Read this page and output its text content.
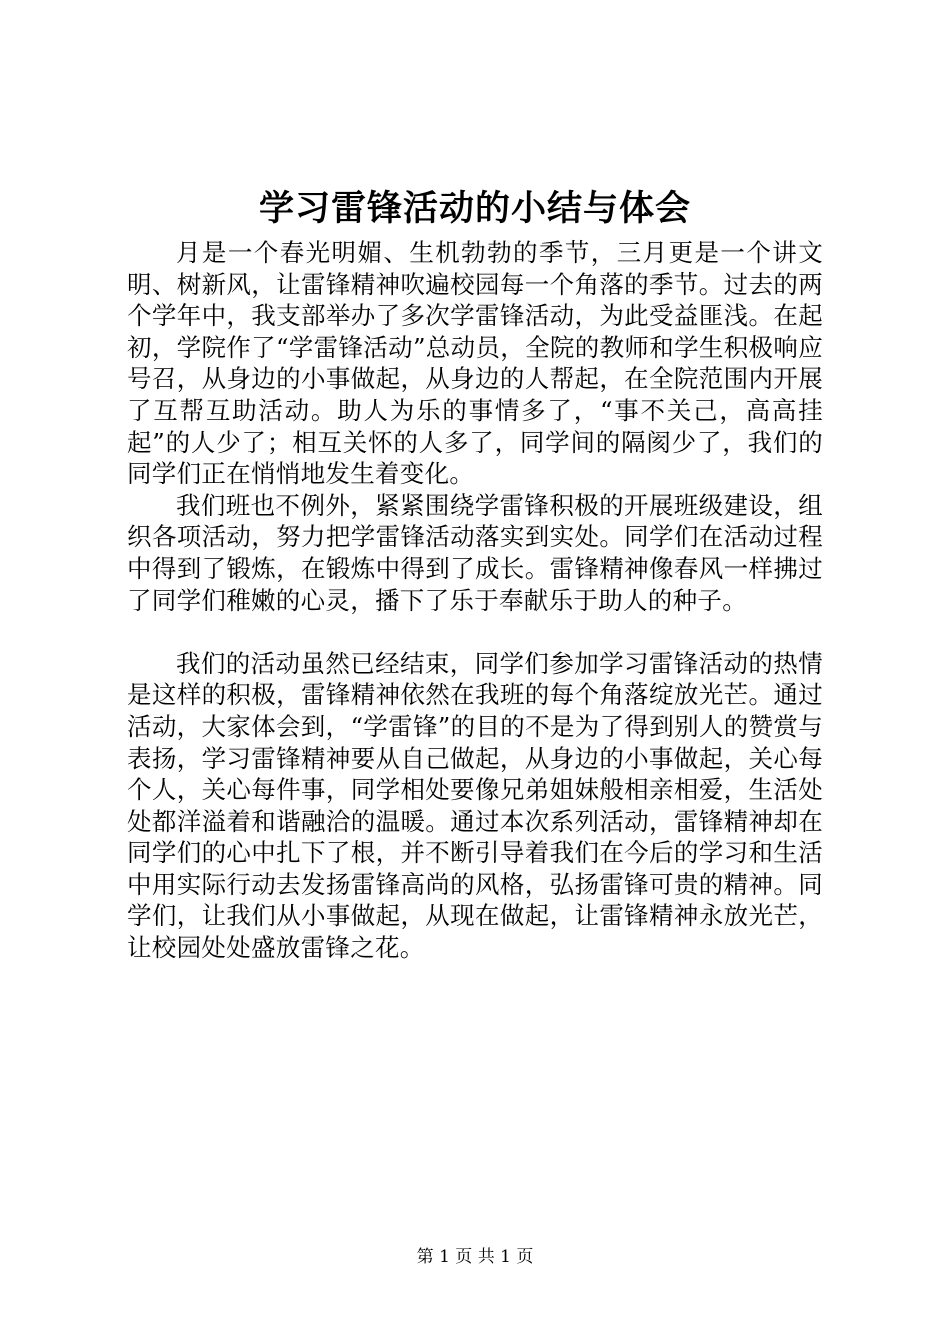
学习雷锋活动的小结与体会

月是一个春光明媚、生机勃勃的季节，三月更是一个讲文明、树新风，让雷锋精神吹遍校园每一个角落的季节。过去的两个学年中，我支部举办了多次学雷锋活动，为此受益匪浅。在起初，学院作了“学雷锋活动”总动员，全院的教师和学生积极响应号召，从身边的小事做起，从身边的人帮起，在全院范围内开展了互帮互助活动。助人为乐的事情多了，“事不关己，高高挂起”的人少了；相互关怀的人多了，同学间的隔阂少了，我们的同学们正在悄悄地发生着变化。

我们班也不例外，紧紧围绕学雷锋积极的开展班级建设，组织各项活动，努力把学雷锋活动落实到实处。同学们在活动过程中得到了锻炼，在锻炼中得到了成长。雷锋精神像春风一样拂过了同学们稚嫩的心灵，播下了乐于奉献乐于助人的种子。

我们的活动虽然已经结束，同学们参加学习雷锋活动的热情是这样的积极，雷锋精神依然在我班的每个角落绽放光芒。通过活动，大家体会到，“学雷锋”的目的不是为了得到别人的赞赏与表扬，学习雷锋精神要从自己做起，从身边的小事做起，关心每个人，关心每件事，同学相处要像兄弟姐妹般相亲相爱，生活处处都洋溢着和谐融洽的温暖。通过本次系列活动，雷锋精神却在同学们的心中扎下了根，并不断引导着我们在今后的学习和生活中用实际行动去发扬雷锋高尚的风格，弘扬雷锋可贵的精神。同学们，让我们从小事做起，从现在做起，让雷锋精神永放光芒，让校园处处盛放雷锋之花。

第 1 页 共 1 页
